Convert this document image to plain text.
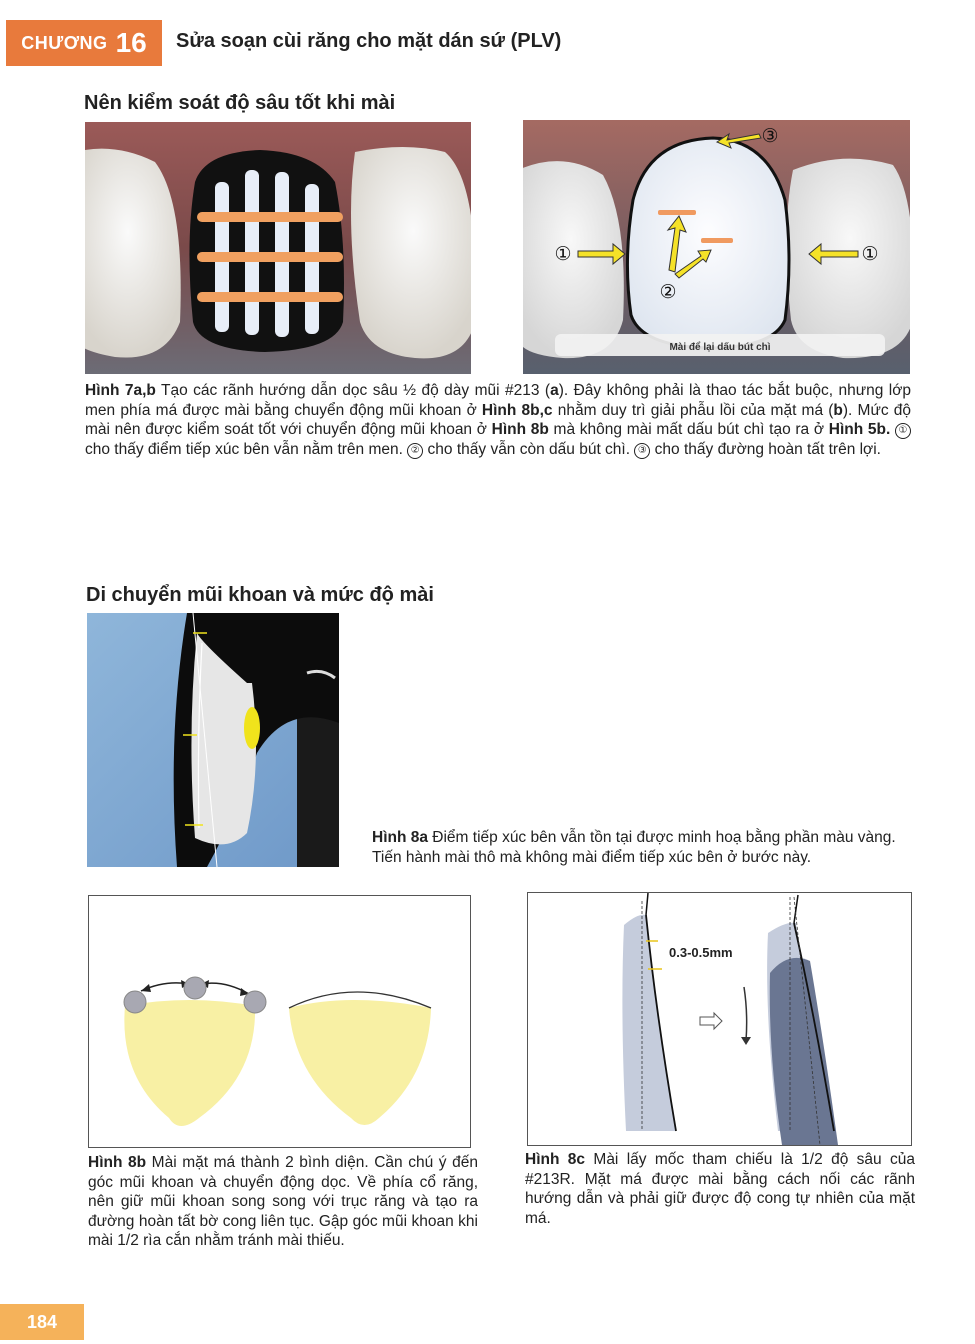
CHƯƠNG 16 Sửa soạn cùi răng cho mặt dán sứ (PLV)
Nên kiểm soát độ sâu tốt khi mài
①	①
②
③
Mài để lại dấu bút chì
Hình 7a,b Tạo các rãnh hướng dẫn dọc sâu ½ độ dày mũi #213 (a). Đây không phải là thao tác bắt buộc, nhưng lớp men phía má được mài bằng chuyển động mũi khoan ở Hình 8b,c nhằm duy trì giải phẫu lồi của mặt má (b). Mức độ mài nên được kiểm soát tốt với chuyển động mũi khoan ở Hình 8b mà không mài mất dấu bút chì tạo ra ở Hình 5b. ① cho thấy điểm tiếp xúc bên vẫn nằm trên men. ② cho thấy vẫn còn dấu bút chì. ③ cho thấy đường hoàn tất trên lợi.
Di chuyển mũi khoan và mức độ mài
Hình 8a Điểm tiếp xúc bên vẫn tồn tại được minh hoạ bằng phần màu vàng. Tiến hành mài thô mà không mài điểm tiếp xúc bên ở bước này.
0.3-0.5mm
Hình 8b Mài mặt má thành 2 bình diện. Cần chú ý đến góc mũi khoan và chuyển động dọc. Về phía cổ răng, nên giữ mũi khoan song song với trục răng và tạo ra đường hoàn tất bờ cong liên tục. Gập góc mũi khoan khi mài 1/2 rìa cắn nhằm tránh mài thiếu.
Hình 8c Mài lấy mốc tham chiếu là 1/2 độ sâu của #213R. Mặt má được mài bằng cách nối các rãnh hướng dẫn và phải giữ được độ cong tự nhiên của mặt má.
184
